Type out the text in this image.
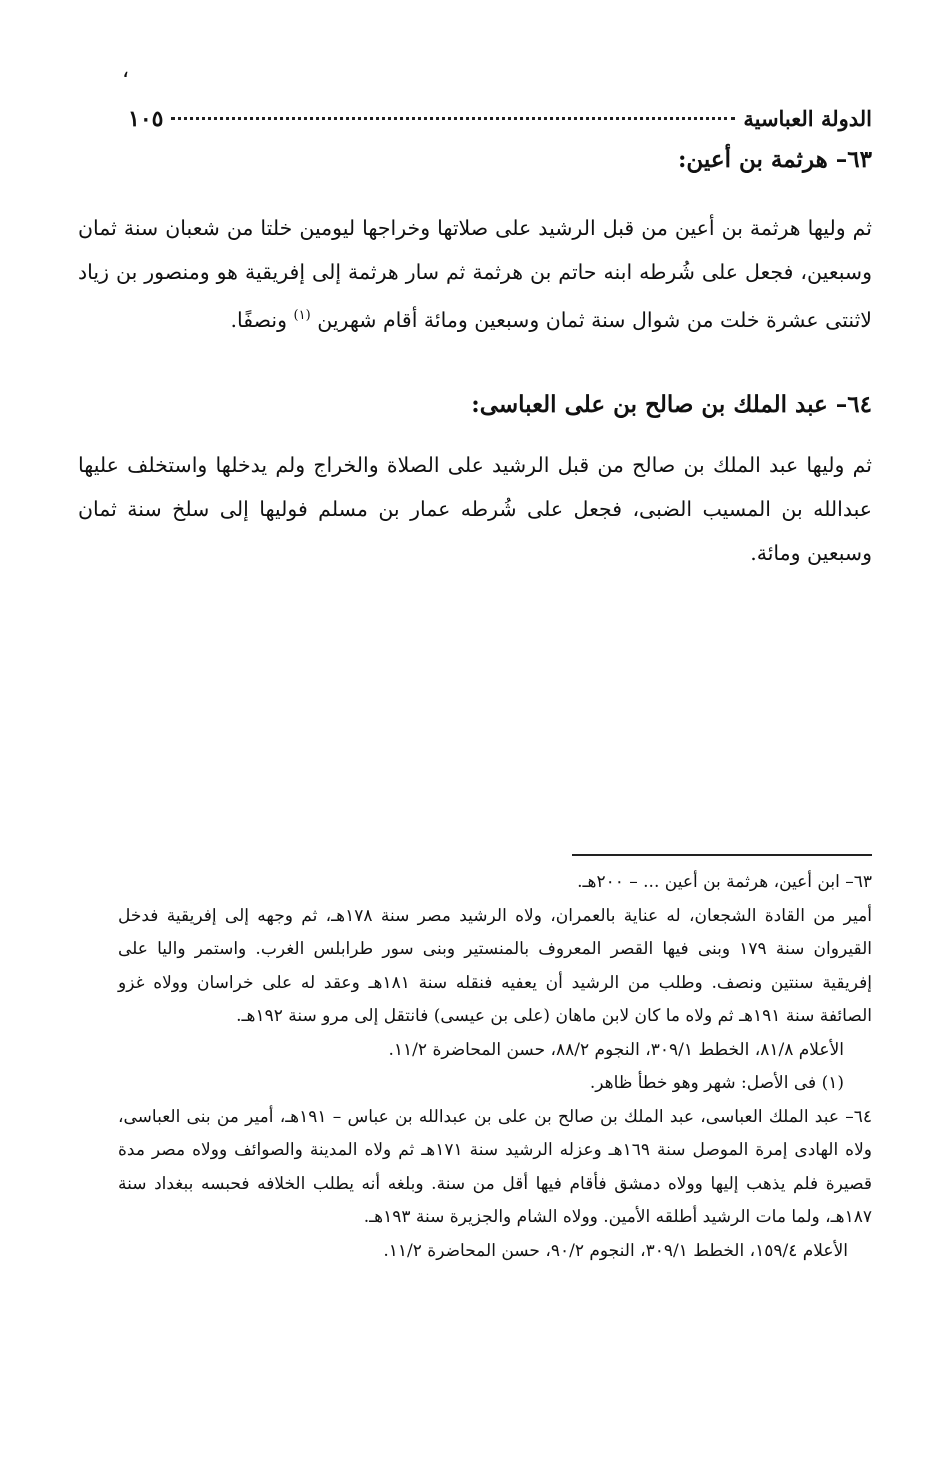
،
الدولة العباسية
١٠٥
٦٣– هرثمة بن أعين:
ثم وليها هرثمة بن أعين من قبل الرشيد على صلاتها وخراجها ليومين خلتا من شعبان سنة ثمان وسبعين، فجعل على شُرطه ابنه حاتم بن هرثمة ثم سار هرثمة إلى إفريقية هو ومنصور بن زياد لاثنتى عشرة خلت من شوال سنة ثمان وسبعين ومائة أقام شهرين $^{(١)}$ ونصفًا.
٦٤– عبد الملك بن صالح بن على العباسى:
ثم وليها عبد الملك بن صالح من قبل الرشيد على الصلاة والخراج ولم يدخلها واستخلف عليها عبدالله بن المسيب الضبى، فجعل على شُرطه عمار بن مسلم فوليها إلى سلخ سنة ثمان وسبعين ومائة.
٦٣– ابن أعين، هرثمة بن أعين ... – ٢٠٠هـ.
أمير من القادة الشجعان، له عناية بالعمران، ولاه الرشيد مصر سنة ١٧٨هـ، ثم وجهه إلى إفريقية فدخل القيروان سنة ١٧٩ وبنى فيها القصر المعروف بالمنستير وبنى سور طرابلس الغرب. واستمر واليا على إفريقية سنتين ونصف. وطلب من الرشيد أن يعفيه فنقله سنة ١٨١هـ وعقد له على خراسان وولاه غزو الصائفة سنة ١٩١هـ ثم ولاه ما كان لابن ماهان (على بن عيسى) فانتقل إلى مرو سنة ١٩٢هـ.
الأعلام ٨١/٨، الخطط ٣٠٩/١، النجوم ٨٨/٢، حسن المحاضرة ١١/٢.
(١) فى الأصل: شهر وهو خطأ ظاهر.
٦٤– عبد الملك العباسى، عبد الملك بن صالح بن على بن عبدالله بن عباس – ١٩١هـ، أمير من بنى العباسى، ولاه الهادى إمرة الموصل سنة ١٦٩هـ وعزله الرشيد سنة ١٧١هـ ثم ولاه المدينة والصوائف وولاه مصر مدة قصيرة فلم يذهب إليها وولاه دمشق فأقام فيها أقل من سنة. وبلغه أنه يطلب الخلافه فحبسه ببغداد سنة ١٨٧هـ، ولما مات الرشيد أطلقه الأمين. وولاه الشام والجزيرة سنة ١٩٣هـ.
الأعلام ١٥٩/٤، الخطط ٣٠٩/١، النجوم ٩٠/٢، حسن المحاضرة ١١/٢.
